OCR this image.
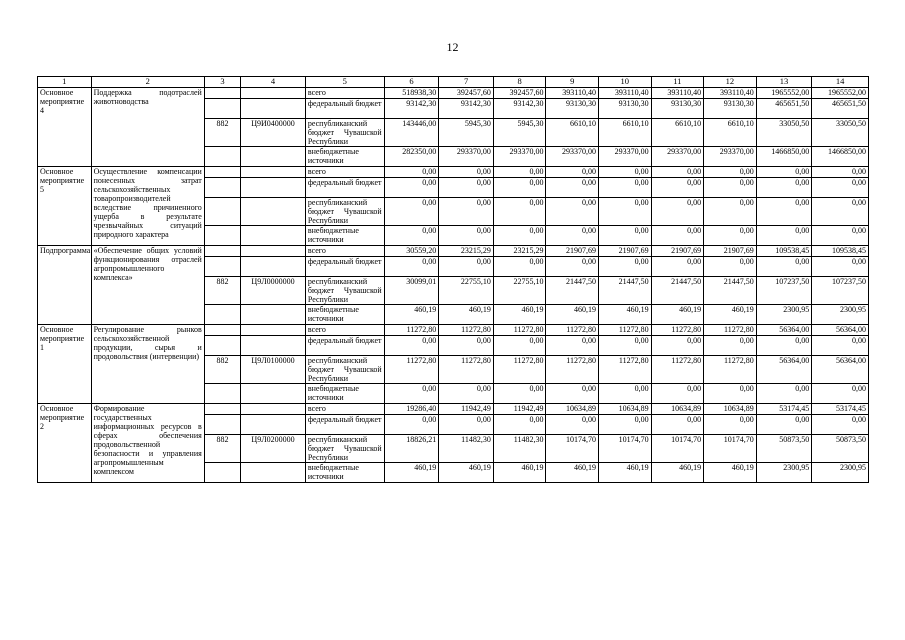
12
1	2	3	4	5	6	7	8	9	10	11	12	13	14
Основное мероприятие 4	Поддержка подотраслей животноводства			всего	518938,30	392457,60	392457,60	393110,40	393110,40	393110,40	393110,40	1965552,00	1965552,00
				федеральный бюджет	93142,30	93142,30	93142,30	93130,30	93130,30	93130,30	93130,30	465651,50	465651,50
		882	Ц9И0400000	республиканский бюджет Чувашской Республики	143446,00	5945,30	5945,30	6610,10	6610,10	6610,10	6610,10	33050,50	33050,50
				внебюджетные источники	282350,00	293370,00	293370,00	293370,00	293370,00	293370,00	293370,00	1466850,00	1466850,00
Основное мероприятие 5	Осуществление компенсации понесенных затрат сельскохозяйственных товаропроизводителей вследствие причиненного ущерба в результате чрезвычайных ситуаций природного характера			всего	0,00	0,00	0,00	0,00	0,00	0,00	0,00	0,00	0,00
				федеральный бюджет	0,00	0,00	0,00	0,00	0,00	0,00	0,00	0,00	0,00
				республиканский бюджет Чувашской Республики	0,00	0,00	0,00	0,00	0,00	0,00	0,00	0,00	0,00
				внебюджетные источники	0,00	0,00	0,00	0,00	0,00	0,00	0,00	0,00	0,00
Подпрограмма	«Обеспечение общих условий функционирования отраслей агропромышленного комплекса»			всего	30559,20	23215,29	23215,29	21907,69	21907,69	21907,69	21907,69	109538,45	109538,45
				федеральный бюджет	0,00	0,00	0,00	0,00	0,00	0,00	0,00	0,00	0,00
		882	Ц9Л0000000	республиканский бюджет Чувашской Республики	30099,01	22755,10	22755,10	21447,50	21447,50	21447,50	21447,50	107237,50	107237,50
				внебюджетные источники	460,19	460,19	460,19	460,19	460,19	460,19	460,19	2300,95	2300,95
Основное мероприятие 1	Регулирование рынков сельскохозяйственной продукции, сырья и продовольствия (интервенции)			всего	11272,80	11272,80	11272,80	11272,80	11272,80	11272,80	11272,80	56364,00	56364,00
				федеральный бюджет	0,00	0,00	0,00	0,00	0,00	0,00	0,00	0,00	0,00
		882	Ц9Л0100000	республиканский бюджет Чувашской Республики	11272,80	11272,80	11272,80	11272,80	11272,80	11272,80	11272,80	56364,00	56364,00
				внебюджетные источники	0,00	0,00	0,00	0,00	0,00	0,00	0,00	0,00	0,00
Основное мероприятие 2	Формирование государственных информационных ресурсов в сферах обеспечения продовольственной безопасности и управления агропромышленным комплексом			всего	19286,40	11942,49	11942,49	10634,89	10634,89	10634,89	10634,89	53174,45	53174,45
				федеральный бюджет	0,00	0,00	0,00	0,00	0,00	0,00	0,00	0,00	0,00
		882	Ц9Л0200000	республиканский бюджет Чувашской Республики	18826,21	11482,30	11482,30	10174,70	10174,70	10174,70	10174,70	50873,50	50873,50
				внебюджетные источники	460,19	460,19	460,19	460,19	460,19	460,19	460,19	2300,95	2300,95
